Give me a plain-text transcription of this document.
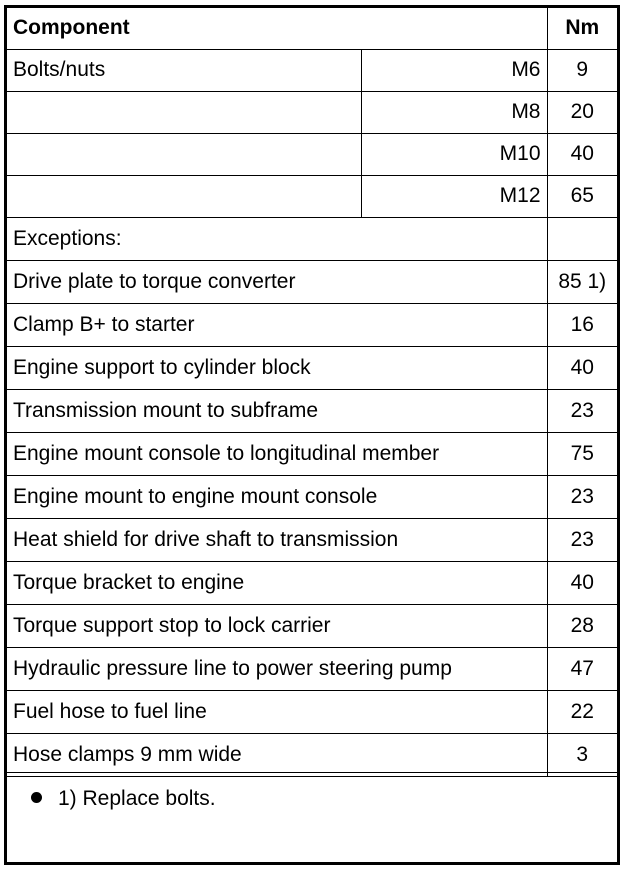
Component		Nm
Bolts/nuts	M6	9
	M8	20
	M10	40
	M12	65
Exceptions:		
Drive plate to torque converter		85 1)
Clamp B+ to starter		16
Engine support to cylinder block		40
Transmission mount to subframe		23
Engine mount console to longitudinal member		75
Engine mount to engine mount console		23
Heat shield for drive shaft to transmission		23
Torque bracket to engine		40
Torque support stop to lock carrier		28
Hydraulic pressure line to power steering pump		47
Fuel hose to fuel line		22
Hose clamps 9 mm wide		3
1) Replace bolts.
